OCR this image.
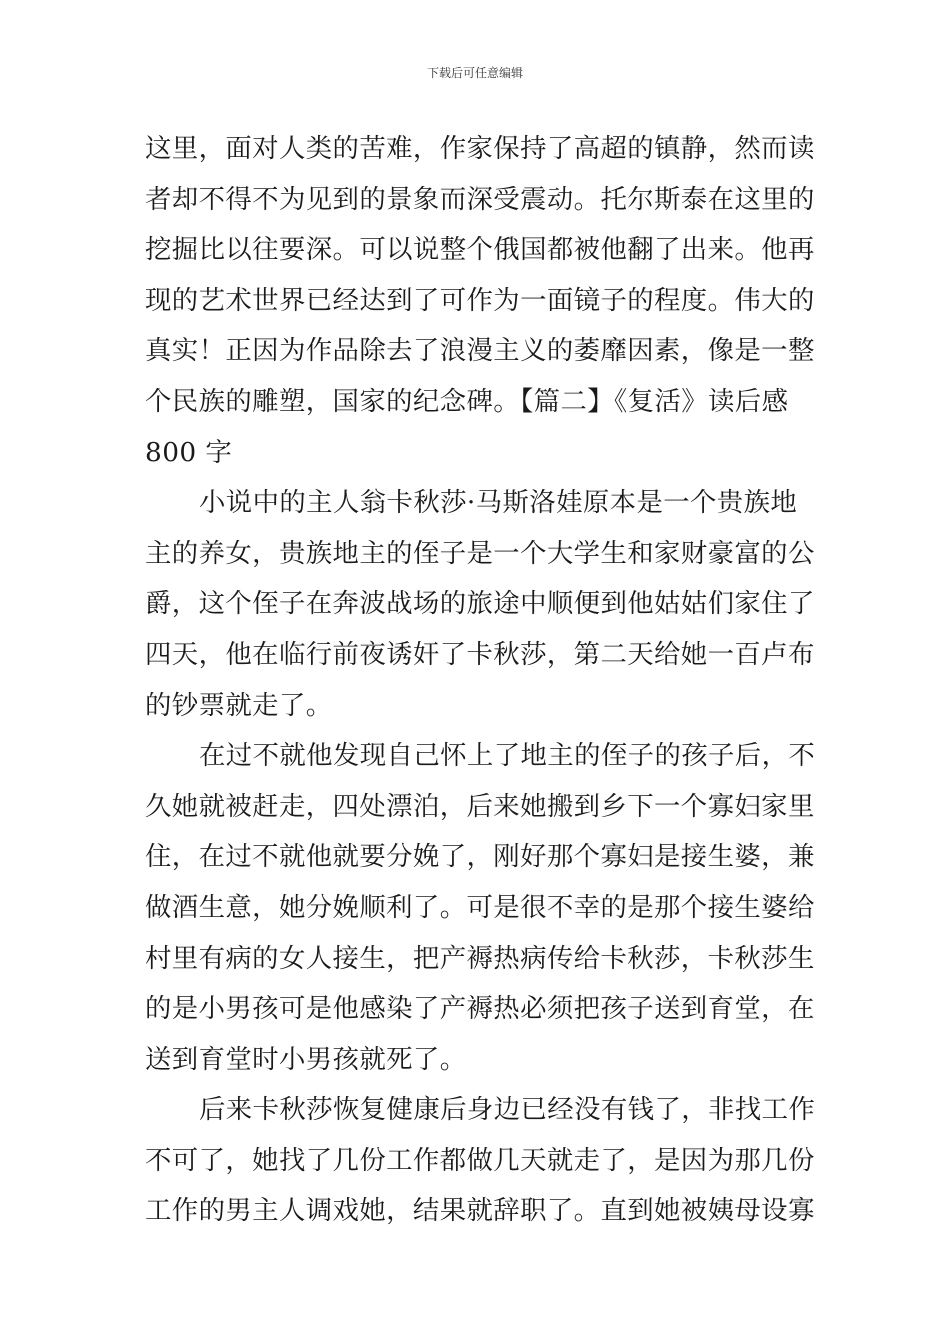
下载后可任意编辑
这里，面对人类的苦难，作家保持了高超的镇静，然而读
者却不得不为见到的景象而深受震动。托尔斯泰在这里的
挖掘比以往要深。可以说整个俄国都被他翻了出来。他再
现的艺术世界已经达到了可作为一面镜子的程度。伟大的
真实！正因为作品除去了浪漫主义的萎靡因素，像是一整
个民族的雕塑，国家的纪念碑。【篇二】《复活》读后感
800 字
小说中的主人翁卡秋莎·马斯洛娃原本是一个贵族地
主的养女，贵族地主的侄子是一个大学生和家财豪富的公
爵，这个侄子在奔波战场的旅途中顺便到他姑姑们家住了
四天，他在临行前夜诱奸了卡秋莎，第二天给她一百卢布
的钞票就走了。
在过不就他发现自己怀上了地主的侄子的孩子后，不
久她就被赶走，四处漂泊，后来她搬到乡下一个寡妇家里
住，在过不就他就要分娩了，刚好那个寡妇是接生婆，兼
做酒生意，她分娩顺利了。可是很不幸的是那个接生婆给
村里有病的女人接生，把产褥热病传给卡秋莎，卡秋莎生
的是小男孩可是他感染了产褥热必须把孩子送到育堂，在
送到育堂时小男孩就死了。
后来卡秋莎恢复健康后身边已经没有钱了，非找工作
不可了，她找了几份工作都做几天就走了，是因为那几份
工作的男主人调戏她，结果就辞职了。直到她被姨母设寡
